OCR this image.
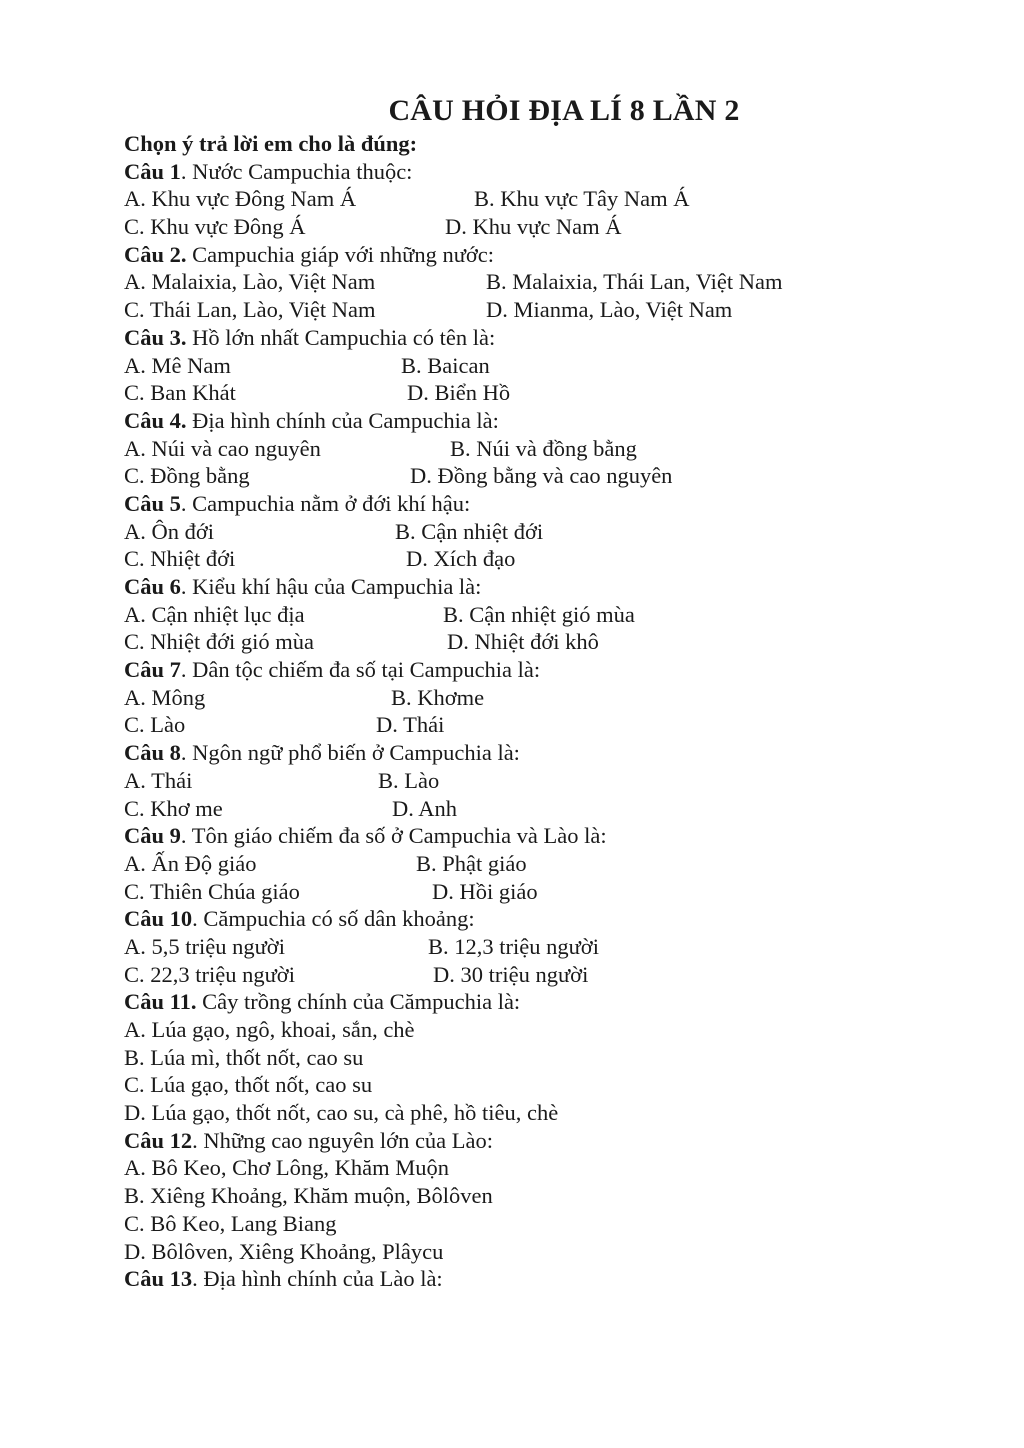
CÂU HỎI ĐỊA LÍ 8 LẦN 2
Chọn ý trả lời em cho là đúng:
Câu 1. Nước Campuchia thuộc:
A. Khu vực Đông Nam Á	B. Khu vực Tây Nam Á
C. Khu vực Đông Á	D. Khu vực Nam Á
Câu 2. Campuchia giáp với những nước:
A. Malaixia, Lào, Việt Nam	B. Malaixia, Thái Lan, Việt Nam
C. Thái Lan, Lào, Việt Nam	D. Mianma, Lào, Việt Nam
Câu 3. Hồ lớn nhất Campuchia có tên là:
A. Mê Nam	B. Baican
C. Ban Khát	D. Biển Hồ
Câu 4. Địa hình chính của Campuchia là:
A. Núi và cao nguyên	B. Núi và đồng bằng
C. Đồng bằng	D. Đồng bằng và cao nguyên
Câu 5. Campuchia nằm ở đới khí hậu:
A. Ôn đới	B. Cận nhiệt đới
C. Nhiệt đới	D. Xích đạo
Câu 6. Kiểu khí hậu của Campuchia là:
A. Cận nhiệt lục địa	B. Cận nhiệt gió mùa
C. Nhiệt đới gió mùa	D. Nhiệt đới khô
Câu 7. Dân tộc chiếm đa số tại Campuchia là:
A. Mông	B. Khơme
C. Lào	D. Thái
Câu 8. Ngôn ngữ phổ biến ở Campuchia là:
A. Thái	B. Lào
C. Khơ me	D. Anh
Câu 9. Tôn giáo chiếm đa số ở Campuchia và Lào là:
A. Ấn Độ giáo	B. Phật giáo
C. Thiên Chúa giáo	D. Hồi giáo
Câu 10. Cămpuchia có số dân khoảng:
A. 5,5 triệu người	B. 12,3 triệu người
C. 22,3 triệu người	D. 30 triệu người
Câu 11. Cây trồng chính của Cămpuchia là:
A. Lúa gạo, ngô, khoai, sắn, chè
B. Lúa mì, thốt nốt, cao su
C. Lúa gạo, thốt nốt, cao su
D. Lúa gạo, thốt nốt, cao su, cà phê, hồ tiêu, chè
Câu 12. Những cao nguyên lớn của Lào:
A. Bô Keo, Chơ Lông, Khăm Muộn
B. Xiêng Khoảng, Khăm muộn, Bôlôven
C. Bô Keo, Lang Biang
D. Bôlôven, Xiêng Khoảng, Plâycu
Câu 13. Địa hình chính của Lào là:
